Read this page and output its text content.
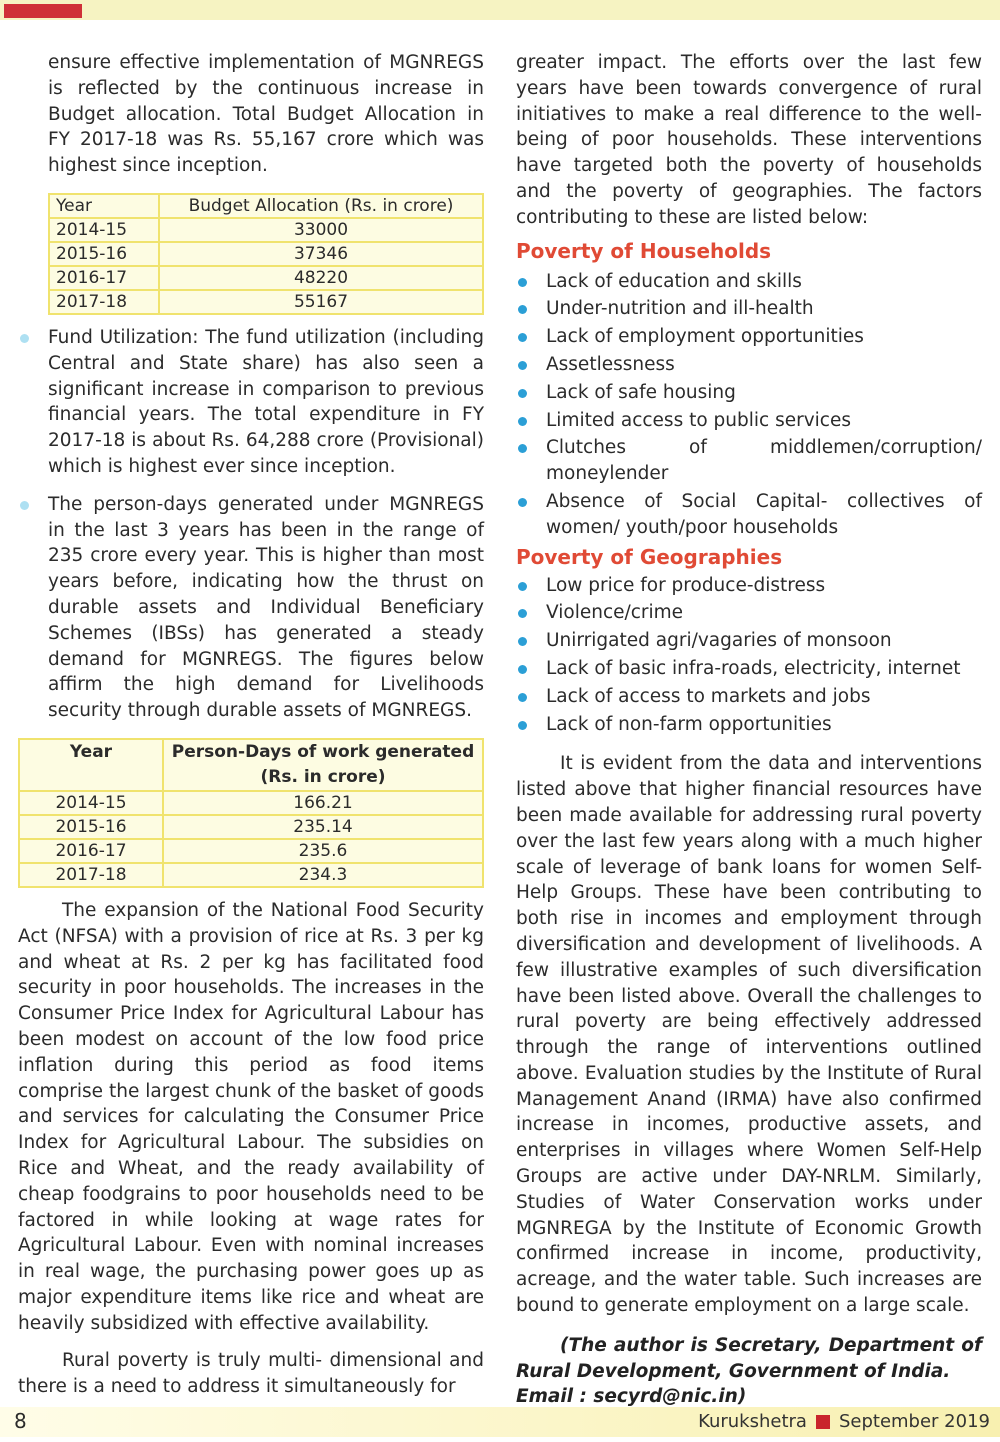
ensure effective implementation of MGNREGS is reflected by the continuous increase in Budget allocation. Total Budget Allocation in FY 2017-18 was Rs. 55,167 crore which was highest since inception.

Year	Budget Allocation (Rs. in crore)
2014-15	33000
2015-16	37346
2016-17	48220
2017-18	55167
Fund Utilization: The fund utilization (including Central and State share) has also seen a significant increase in comparison to previous financial years. The total expenditure in FY 2017-18 is about Rs. 64,288 crore (Provisional) which is highest ever since inception.
The person-days generated under MGNREGS in the last 3 years has been in the range of 235 crore every year. This is higher than most years before, indicating how the thrust on durable assets and Individual Beneficiary Schemes (IBSs) has generated a steady demand for MGNREGS. The figures below affirm the high demand for Livelihoods security through durable assets of MGNREGS.
Year	Person-Days of work generated (Rs. in crore)
2014-15	166.21
2015-16	235.14
2016-17	235.6
2017-18	234.3

The expansion of the National Food Security Act (NFSA) with a provision of rice at Rs. 3 per kg and wheat at Rs. 2 per kg has facilitated food security in poor households. The increases in the Consumer Price Index for Agricultural Labour has been modest on account of the low food price inflation during this period as food items comprise the largest chunk of the basket of goods and services for calculating the Consumer Price Index for Agricultural Labour. The subsidies on Rice and Wheat, and the ready availability of cheap foodgrains to poor households need to be factored in while looking at wage rates for Agricultural Labour. Even with nominal increases in real wage, the purchasing power goes up as major expenditure items like rice and wheat are heavily subsidized with effective availability.

Rural poverty is truly multi- dimensional and there is a need to address it simultaneously for

greater impact. The efforts over the last few years have been towards convergence of rural initiatives to make a real difference to the well-being of poor households. These interventions have targeted both the poverty of households and the poverty of geographies. The factors contributing to these are listed below:

Poverty of Households
Lack of education and skills
Under-nutrition and ill-health
Lack of employment opportunities
Assetlessness
Lack of safe housing
Limited access to public services
Clutches of middlemen/corruption/ moneylender
Absence of Social Capital- collectives of women/ youth/poor households
Poverty of Geographies
Low price for produce-distress
Violence/crime
Unirrigated agri/vagaries of monsoon
Lack of basic infra-roads, electricity, internet
Lack of access to markets and jobs
Lack of non-farm opportunities

It is evident from the data and interventions listed above that higher financial resources have been made available for addressing rural poverty over the last few years along with a much higher scale of leverage of bank loans for women Self-Help Groups. These have been contributing to both rise in incomes and employment through diversification and development of livelihoods. A few illustrative examples of such diversification have been listed above. Overall the challenges to rural poverty are being effectively addressed through the range of interventions outlined above. Evaluation studies by the Institute of Rural Management Anand (IRMA) have also confirmed increase in incomes, productive assets, and enterprises in villages where Women Self-Help Groups are active under DAY-NRLM. Similarly, Studies of Water Conservation works under MGNREGA by the Institute of Economic Growth confirmed increase in income, productivity, acreage, and the water table. Such increases are bound to generate employment on a large scale.

(The author is Secretary, Department of Rural Development, Government of India.
Email : secyrd@nic.in)

8	Kurukshetra September 2019
